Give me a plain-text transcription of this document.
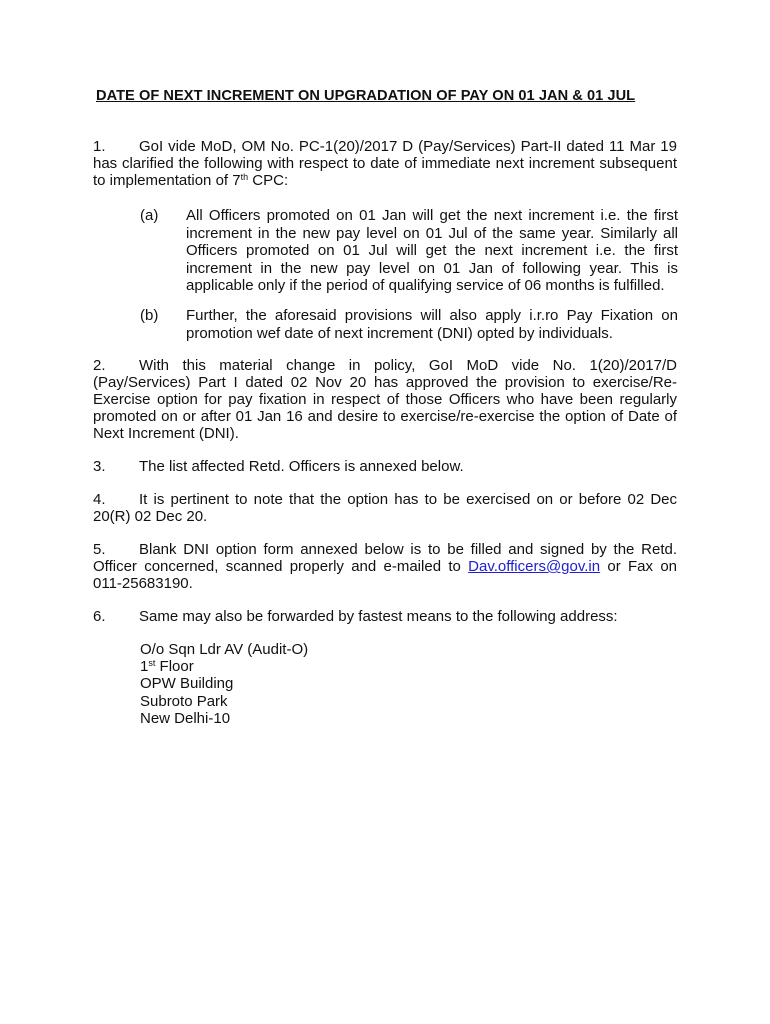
DATE OF NEXT INCREMENT ON UPGRADATION OF PAY ON 01 JAN & 01 JUL
1. GoI vide MoD, OM No. PC-1(20)/2017 D (Pay/Services) Part-II dated 11 Mar 19 has clarified the following with respect to date of immediate next increment subsequent to implementation of 7th CPC:
(a) All Officers promoted on 01 Jan will get the next increment i.e. the first increment in the new pay level on 01 Jul of the same year. Similarly all Officers promoted on 01 Jul will get the next increment i.e. the first increment in the new pay level on 01 Jan of following year. This is applicable only if the period of qualifying service of 06 months is fulfilled.
(b) Further, the aforesaid provisions will also apply i.r.ro Pay Fixation on promotion wef date of next increment (DNI) opted by individuals.
2. With this material change in policy, GoI MoD vide No. 1(20)/2017/D (Pay/Services) Part I dated 02 Nov 20 has approved the provision to exercise/Re-Exercise option for pay fixation in respect of those Officers who have been regularly promoted on or after 01 Jan 16 and desire to exercise/re-exercise the option of Date of Next Increment (DNI).
3. The list affected Retd. Officers is annexed below.
4. It is pertinent to note that the option has to be exercised on or before 02 Dec 20(R) 02 Dec 20.
5. Blank DNI option form annexed below is to be filled and signed by the Retd. Officer concerned, scanned properly and e-mailed to Dav.officers@gov.in or Fax on 011-25683190.
6. Same may also be forwarded by fastest means to the following address:
O/o Sqn Ldr AV (Audit-O)
1st Floor
OPW Building
Subroto Park
New Delhi-10
